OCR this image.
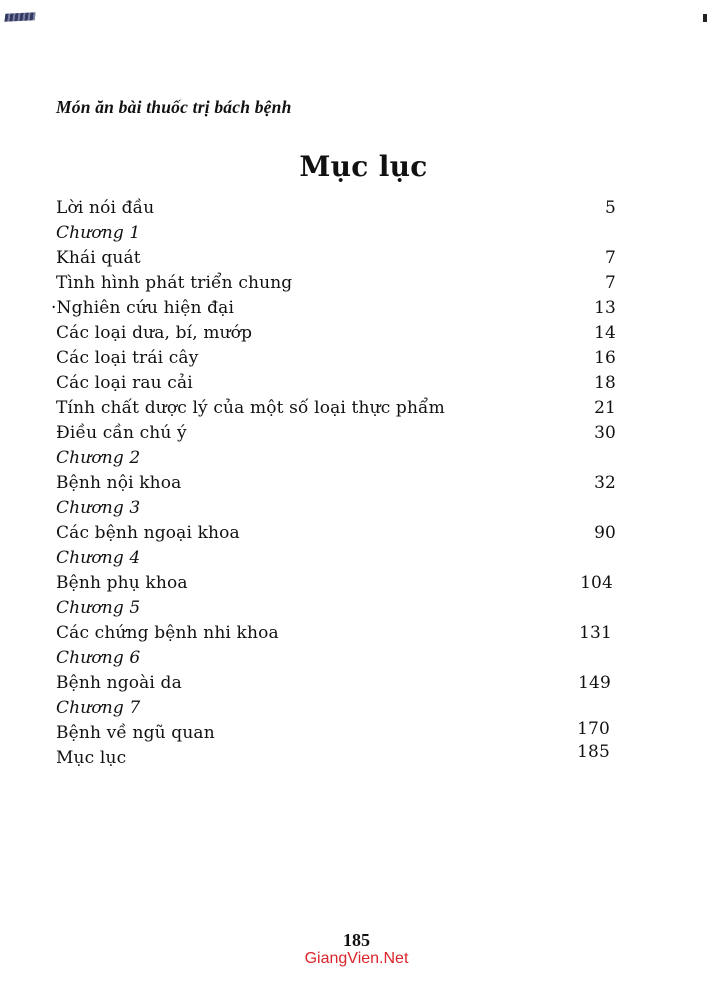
Món ăn bài thuốc trị bách bệnh
Mục lục
Lời nói đầu	5
Chương 1
Khái quát	7
Tình hình phát triển chung	7
·Nghiên cứu hiện đại	13
Các loại dưa, bí, mướp	14
Các loại trái cây	16
Các loại rau cải	18
Tính chất dược lý của một số loại thực phẩm	21
Điều cần chú ý	30
Chương 2
Bệnh nội khoa	32
Chương 3
Các bệnh ngoại khoa	90
Chương 4
Bệnh phụ khoa	104
Chương 5
Các chứng bệnh nhi khoa	131
Chương 6
Bệnh ngoài da	149
Chương 7
Bệnh về ngũ quan	170
Mục lục	185
185
GiangVien.Net
